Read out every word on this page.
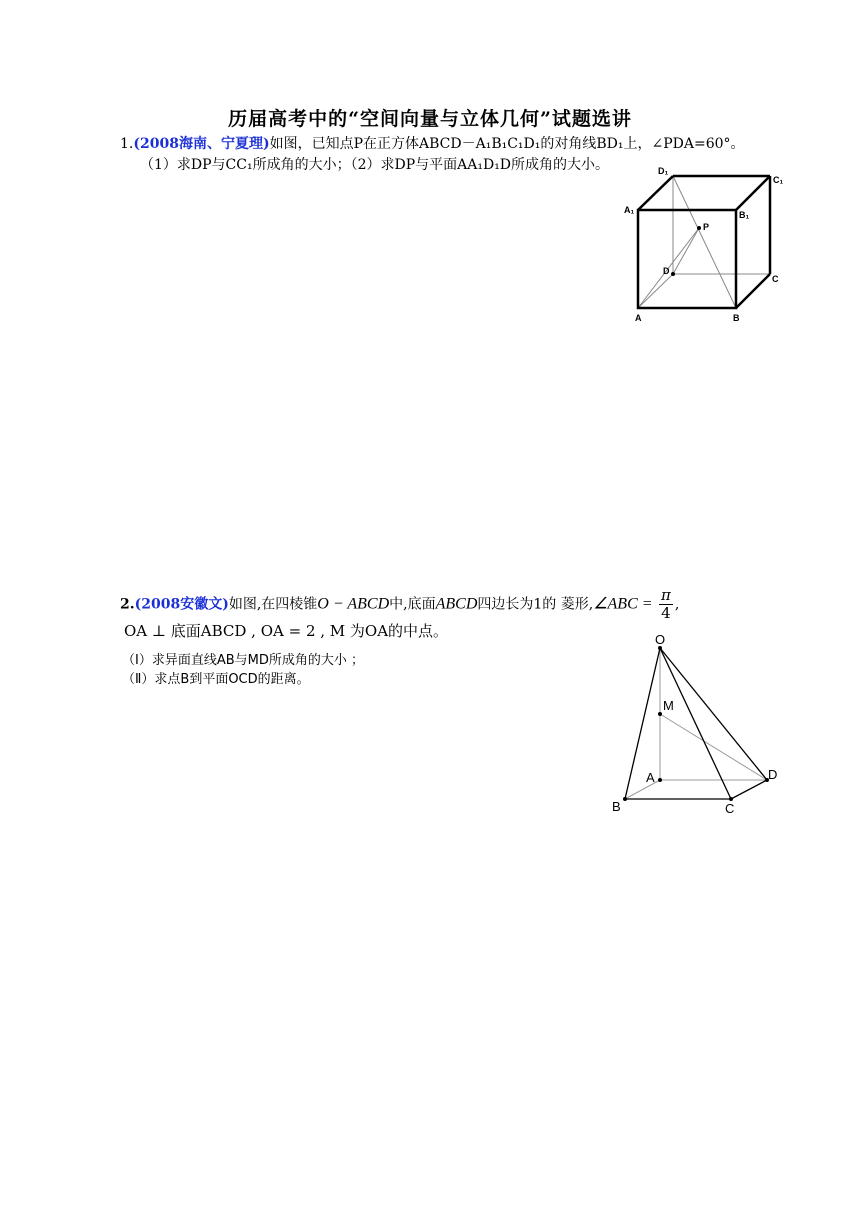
历届高考中的“空间向量与立体几何”试题选讲
1.(2008海南、宁夏理)如图，已知点P在正方体ABCD－A₁B₁C₁D₁的对角线BD₁上，∠PDA=60°。
（1）求DP与CC₁所成角的大小；（2）求DP与平面AA₁D₁D所成角的大小。	D₁
C₁
A₁	B₁
P
D
C
A	B
2.(2008安徽文)如图,在四棱锥O − ABCD中,底面ABCD四边长为1的 菱形,∠ABC = $\frac{\pi}{4}$ ,
OA ⊥ 底面ABCD , OA = 2 , M 为OA的中点。
（Ⅰ）求异面直线AB与MD所成角的大小 ；
（Ⅱ）求点B到平面OCD的距离。
O
M
A	D
B	C
